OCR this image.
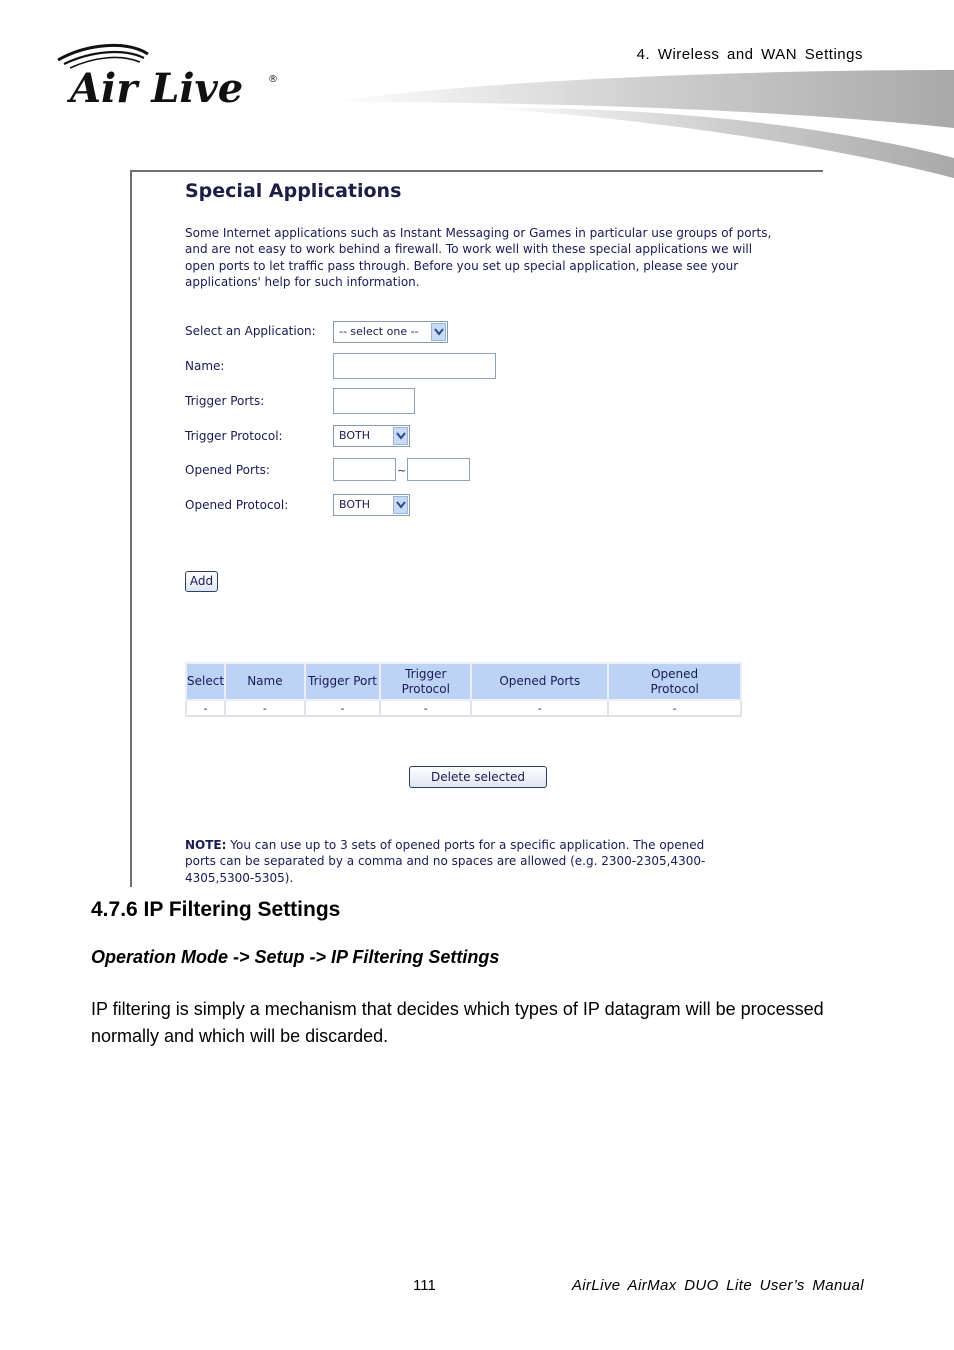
Air Live ®
4. Wireless and WAN Settings
Special Applications
Some Internet applications such as Instant Messaging or Games in particular use groups of ports, and are not easy to work behind a firewall. To work well with these special applications we will open ports to let traffic pass through. Before you set up special application, please see your applications' help for such information.
Select an Application: -- select one --
Name:
Trigger Ports:
Trigger Protocol:	BOTH
Opened Ports:	~
Opened Protocol:	BOTH
Add
Select	Name	Trigger Port	Trigger Protocol	Opened Ports	Opened Protocol
-	-	-	-	-	-
Delete selected
NOTE: You can use up to 3 sets of opened ports for a specific application. The opened ports can be separated by a comma and no spaces are allowed (e.g. 2300-2305,4300-4305,5300-5305).
4.7.6 IP Filtering Settings
Operation Mode -> Setup -> IP Filtering Settings
IP filtering is simply a mechanism that decides which types of IP datagram will be processed normally and which will be discarded.
111	AirLive AirMax DUO Lite User’s Manual
